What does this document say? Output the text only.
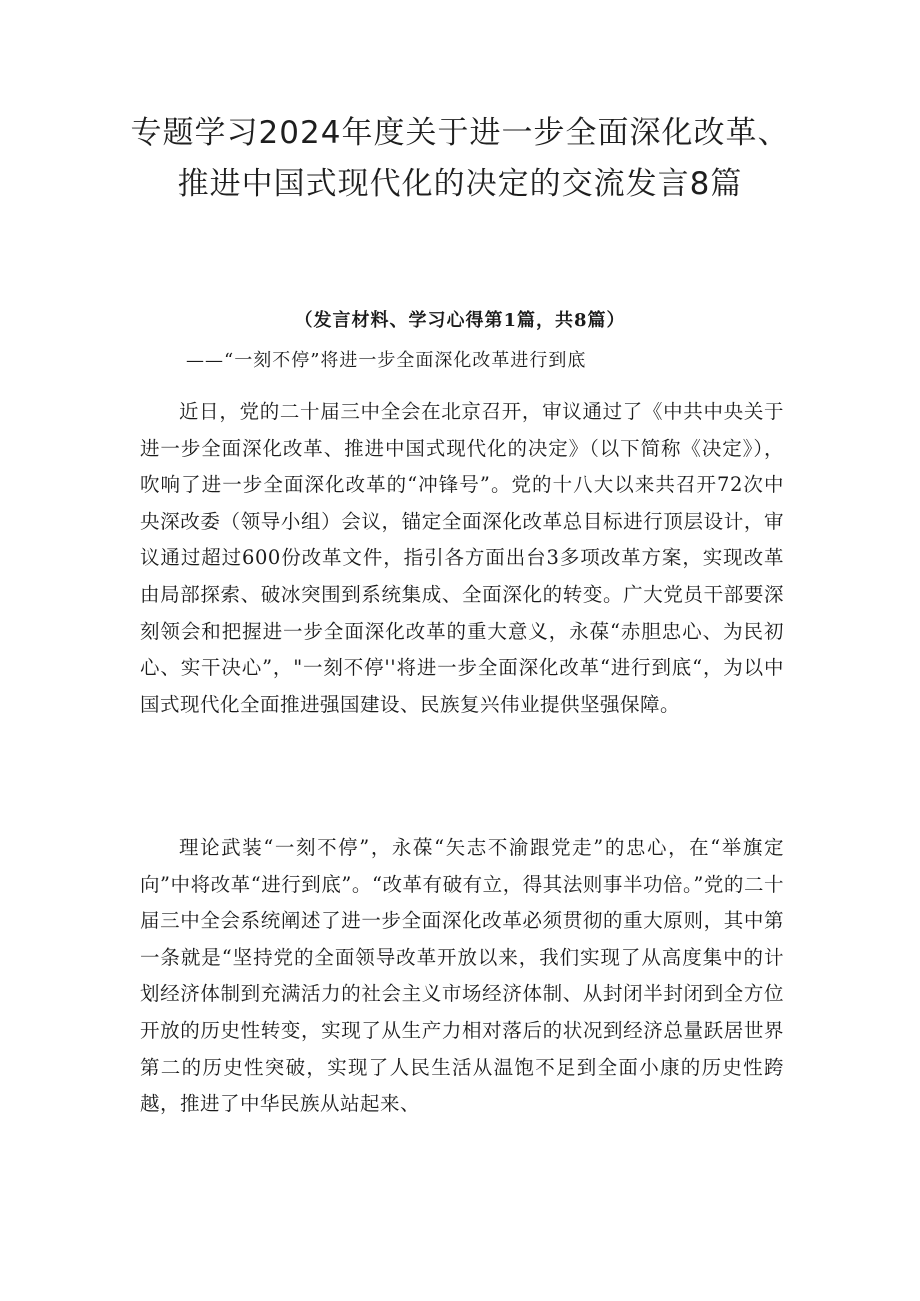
专题学习2024年度关于进一步全面深化改革、推进中国式现代化的决定的交流发言8篇
（发言材料、学习心得第1篇，共8篇）
——“一刻不停”将进一步全面深化改革进行到底

近日，党的二十届三中全会在北京召开，审议通过了《中共中央关于进一步全面深化改革、推进中国式现代化的决定》（以下简称《决定》），吹响了进一步全面深化改革的“冲锋号”。党的十八大以来共召开72次中央深改委（领导小组）会议，锚定全面深化改革总目标进行顶层设计，审议通过超过600份改革文件，指引各方面出台3多项改革方案，实现改革由局部探索、破冰突围到系统集成、全面深化的转变。广大党员干部要深刻领会和把握进一步全面深化改革的重大意义，永葆“赤胆忠心、为民初心、实干决心”，"一刻不停''将进一步全面深化改革“进行到底“，为以中国式现代化全面推进强国建设、民族复兴伟业提供坚强保障。

理论武装“一刻不停”，永葆“矢志不渝跟党走”的忠心，在“举旗定向”中将改革“进行到底”。“改革有破有立，得其法则事半功倍。”党的二十届三中全会系统阐述了进一步全面深化改革必须贯彻的重大原则，其中第一条就是“坚持党的全面领导改革开放以来，我们实现了从高度集中的计划经济体制到充满活力的社会主义市场经济体制、从封闭半封闭到全方位开放的历史性转变，实现了从生产力相对落后的状况到经济总量跃居世界第二的历史性突破，实现了人民生活从温饱不足到全面小康的历史性跨越，推进了中华民族从站起来、
